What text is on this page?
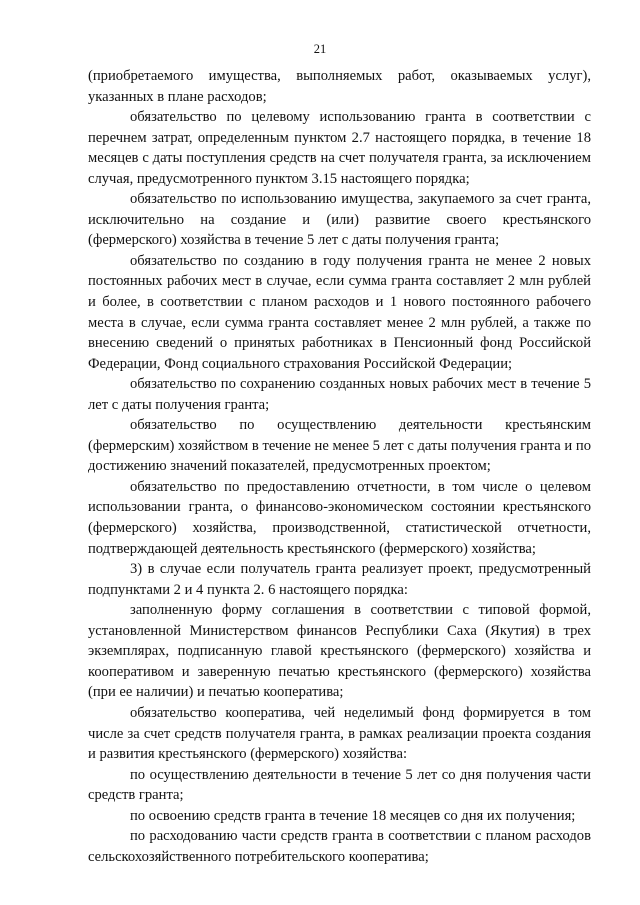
21

(приобретаемого имущества, выполняемых работ, оказываемых услуг), указанных в плане расходов;

обязательство по целевому использованию гранта в соответствии с перечнем затрат, определенным пунктом 2.7 настоящего порядка, в течение 18 месяцев с даты поступления средств на счет получателя гранта, за исключением случая, предусмотренного пунктом 3.15 настоящего порядка;

обязательство по использованию имущества, закупаемого за счет гранта, исключительно на создание и (или) развитие своего крестьянского (фермерского) хозяйства в течение 5 лет с даты получения гранта;

обязательство по созданию в году получения гранта не менее 2 новых постоянных рабочих мест в случае, если сумма гранта составляет 2 млн рублей и более, в соответствии с планом расходов и 1 нового постоянного рабочего места в случае, если сумма гранта составляет менее 2 млн рублей, а также по внесению сведений о принятых работниках в Пенсионный фонд Российской Федерации, Фонд социального страхования Российской Федерации;

обязательство по сохранению созданных новых рабочих мест в течение 5 лет с даты получения гранта;

обязательство по осуществлению деятельности крестьянским (фермерским) хозяйством в течение не менее 5 лет с даты получения гранта и по достижению значений показателей, предусмотренных проектом;

обязательство по предоставлению отчетности, в том числе о целевом использовании гранта, о финансово-экономическом состоянии крестьянского (фермерского) хозяйства, производственной, статистической отчетности, подтверждающей деятельность крестьянского (фермерского) хозяйства;

3) в случае если получатель гранта реализует проект, предусмотренный подпунктами 2 и 4 пункта 2. 6 настоящего порядка:

заполненную форму соглашения в соответствии с типовой формой, установленной Министерством финансов Республики Саха (Якутия) в трех экземплярах, подписанную главой крестьянского (фермерского) хозяйства и кооперативом и заверенную печатью крестьянского (фермерского) хозяйства (при ее наличии) и печатью кооператива;

обязательство кооператива, чей неделимый фонд формируется в том числе за счет средств получателя гранта, в рамках реализации проекта создания и развития крестьянского (фермерского) хозяйства:

по осуществлению деятельности в течение 5 лет со дня получения части средств гранта;

по освоению средств гранта в течение 18 месяцев со дня их получения;

по расходованию части средств гранта в соответствии с планом расходов сельскохозяйственного потребительского кооператива;
